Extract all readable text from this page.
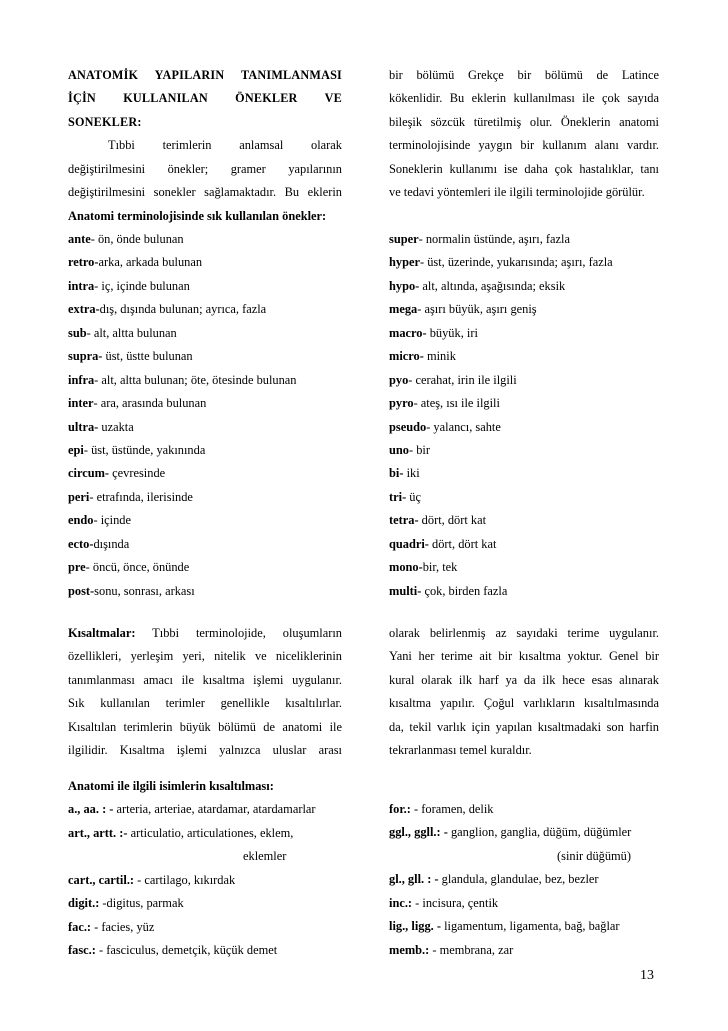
ANATOMİK YAPILARIN TANIMLANMASI
İÇİN KULLANILAN ÖNEKLER VE
SONEKLER:
Tıbbi terimlerin anlamsal olarak
değiştirilmesini önekler; gramer yapılarının
değiştirilmesini sonekler sağlamaktadır. Bu eklerin
Anatomi terminolojisinde sık kullanılan önekler:
bir bölümü Grekçe bir bölümü de Latince
kökenlidir. Bu eklerin kullanılması ile çok sayıda
bileşik sözcük türetilmiş olur. Öneklerin anatomi
terminolojisinde yaygın bir kullanım alanı vardır.
Soneklerin kullanımı ise daha çok hastalıklar, tanı
ve tedavi yöntemleri ile ilgili terminolojide görülür.
ante- ön, önde bulunan
retro-arka, arkada bulunan
intra- iç, içinde bulunan
extra-dış, dışında bulunan; ayrıca, fazla
sub- alt, altta bulunan
supra- üst, üstte bulunan
infra- alt, altta bulunan; öte, ötesinde bulunan
inter- ara, arasında bulunan
ultra- uzakta
epi- üst, üstünde, yakınında
circum- çevresinde
peri- etrafında, ilerisinde
endo- içinde
ecto-dışında
pre- öncü, önce, önünde
post-sonu, sonrası, arkası
super- normalin üstünde, aşırı, fazla
hyper- üst, üzerinde, yukarısında; aşırı, fazla
hypo- alt, altında, aşağısında; eksik
mega- aşırı büyük, aşırı geniş
macro- büyük, iri
micro- minik
pyo- cerahat, irin ile ilgili
pyro- ateş, ısı ile ilgili
pseudo- yalancı, sahte
uno- bir
bi- iki
tri- üç
tetra- dört, dört kat
quadri- dört, dört kat
mono-bir, tek
multi- çok, birden fazla
Kısaltmalar: Tıbbi terminolojide, oluşumların
özellikleri, yerleşim yeri, nitelik ve niceliklerinin
tanımlanması amacı ile kısaltma işlemi uygulanır.
Sık kullanılan terimler genellikle kısaltılırlar.
Kısaltılan terimlerin büyük bölümü de anatomi ile
ilgilidir. Kısaltma işlemi yalnızca uluslar arası
olarak belirlenmiş az sayıdaki terime uygulanır.
Yani her terime ait bir kısaltma yoktur. Genel bir
kural olarak ilk harf ya da ilk hece esas alınarak
kısaltma yapılır. Çoğul varlıkların kısaltılmasında
da, tekil varlık için yapılan kısaltmadaki son harfin
tekrarlanması temel kuraldır.
Anatomi ile ilgili isimlerin kısaltılması:
a., aa. : - arteria, arteriae, atardamar, atardamarlar
art., artt. :- articulatio, articulationes, eklem,
eklemler
cart., cartil.: - cartilago, kıkırdak
digit.: -digitus, parmak
fac.: - facies, yüz
fasc.: - fasciculus, demetçik, küçük demet
for.: - foramen, delik
ggl., ggll.: - ganglion, ganglia, düğüm, düğümler
(sinir düğümü)
gl., gll. : - glandula, glandulae, bez, bezler
inc.: - incisura, çentik
lig., ligg. - ligamentum, ligamenta, bağ, bağlar
memb.: - membrana, zar
13
